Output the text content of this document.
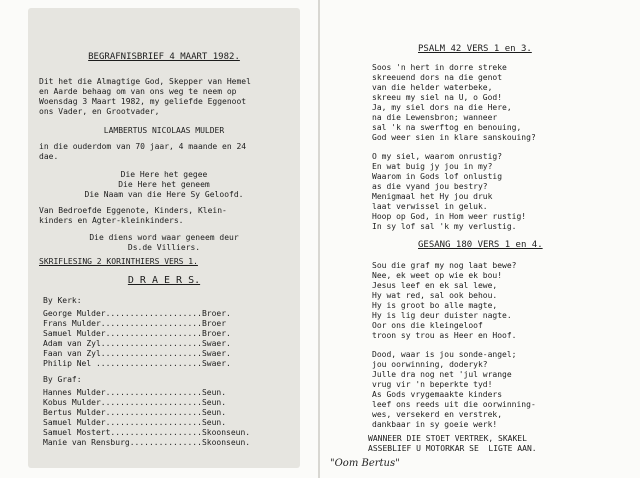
BEGRAFNISBRIEF 4 MAART 1982.
Dit het die Almagtige God, Skepper van Hemel
en Aarde behaag om van ons weg te neem op
Woensdag 3 Maart 1982, my geliefde Eggenoot
ons Vader, en Grootvader,
LAMBERTUS NICOLAAS MULDER
in die ouderdom van 70 jaar, 4 maande en 24
dae.
Die Here het gegee
Die Here het geneem
Die Naam van die Here Sy Geloofd.
Van Bedroefde Eggenote, Kinders, Klein-
kinders en Agter-kleinkinders.
Die diens word waar geneem deur
Ds.de Villiers.
SKRIFLESING 2 KORINTHIERS VERS 1.
D R A E R S.
By Kerk:
George Mulder....................Broer.
Frans Mulder.....................Broer
Samuel Mulder....................Broer.
Adam van Zyl.....................Swaer.
Faan van Zyl.....................Swaer.
Philip Nel ......................Swaer.
By Graf:
Hannes Mulder....................Seun.
Kobus Mulder.....................Seun.
Bertus Mulder....................Seun.
Samuel Mulder....................Seun.
Samuel Mostert...................Skoonseun.
Manie van Rensburg...............Skoonseun.
PSALM 42 VERS 1 en 3.
Soos 'n hert in dorre streke
skreeuend dors na die genot
van die helder waterbeke,
skreeu my siel na U, o God!
Ja, my siel dors na die Here,
na die Lewensbron; wanneer
sal 'k na swerftog en benouing,
God weer sien in klare sanskouing?
O my siel, waarom onrustig?
En wat buig jy jou in my?
Waarom in Gods lof onlustig
as die vyand jou bestry?
Menigmaal het Hy jou druk
laat verwissel in geluk.
Hoop op God, in Hom weer rustig!
In sy lof sal 'k my verlustig.
GESANG 180 VERS 1 en 4.
Sou die graf my nog laat bewe?
Nee, ek weet op wie ek bou!
Jesus leef en ek sal lewe,
Hy wat red, sal ook behou.
Hy is groot bo alle magte,
Hy is lig deur duister nagte.
Oor ons die kleingeloof
troon sy trou as Heer en Hoof.
Dood, waar is jou sonde-angel;
jou oorwinning, doderyk?
Julle dra nog net 'jul wrange
vrug vir 'n beperkte tyd!
As Gods vrygemaakte kinders
leef ons reeds uit die oorwinning-
wes, versekerd en verstrek,
dankbaar in sy goeie werk!
WANNEER DIE STOET VERTREK, SKAKEL
ASSEBLIEF U MOTORKAR SE  LIGTE AAN.
"Oom Bertus"
